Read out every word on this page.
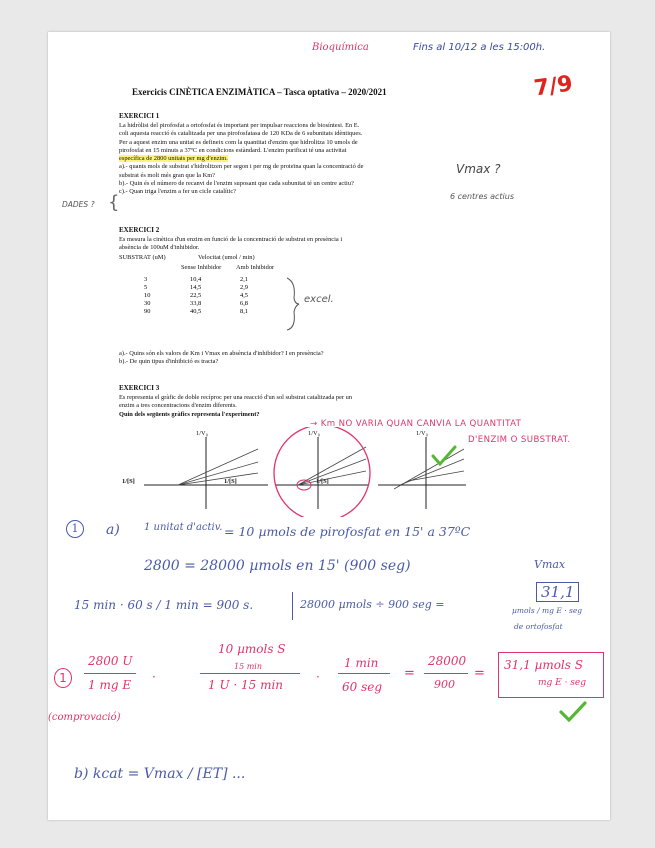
Bioquímica	Fins al 10/12 a les 15:00h.
7/9
Exercicis CINÈTICA ENZIMÀTICA – Tasca optativa – 2020/2021
EXERCICI 1
La hidròlisi del pirofosfat a ortofosfat és important per impulsar reaccions de biosíntesi. En E.
coli aquesta reacció és catalitzada per una pirofosfatasa de 120 KDa de 6 subunitats idèntiques.
Per a aquest enzim una unitat es defineix com la quantitat d'enzim que hidrolitza 10 umols de
pirofosfat en 15 minuts a 37ºC en condicions estàndard. L'enzim purificat té una activitat
específica de 2800 unitats per mg d'enzim.
a).- quants mols de substrat s'hidrolitzen per segon i per mg de proteïna quan la concentració de
substrat és molt més gran que la Km?
b).- Quin és el número de recanvi de l'enzim suposant que cada subunitat té un centre actiu?
c).- Quan triga l'enzim a fer un cicle catalític?
Vmax ?
6 centres actius
DADES ? {
EXERCICI 2
Es mesura la cinètica d'un enzim en funció de la concentració de substrat en presència i
absència de 100uM d'inhibidor.
SUBSTRAT (uM)	Velocitat (umol / min)
Sense Inhibidor Amb Inhibidor
3	10,4	2,1
5	14,5	2,9
10	22,5	4,5
30	33,8	6,8
90	40,5	8,1
excel.
a).- Quins són els valors de Km i Vmax en absència d'inhibidor? I en presència?
b).- De quin tipus d'inhibició es tracta?
EXERCICI 3
Es representa el gràfic de doble recíproc per una reacció d'un sol substrat catalitzada per un
enzim a tres concentracions d'enzim diferents.
Quin dels següents gràfics representa l'experiment?
1/V₀	1/V₀	1/V₀
1/[S]	1/[S]	1/[S]
→ Km NO VARIA QUAN CANVIA LA QUANTITAT
D'ENZIM O SUBSTRAT.
1	a) 1 unitat d'activ. = 10 µmols de pirofosfat en 15' a 37ºC
2800 = 28000 µmols en 15' (900 seg)	Vmax
15 min · 60 s / 1 min = 900 s.	28000 µmols ÷ 900 seg =
31,1
µmols / mg E · seg
de ortofosfat
1
(comprovació)
2800 U
1 mg E
·
10 µmols S
15 min
1 U · 15 min
·
1 min
60 seg
=
28000
900
=
31,1 µmols S
mg E · seg
b) kcat = Vmax / [ET] ...
